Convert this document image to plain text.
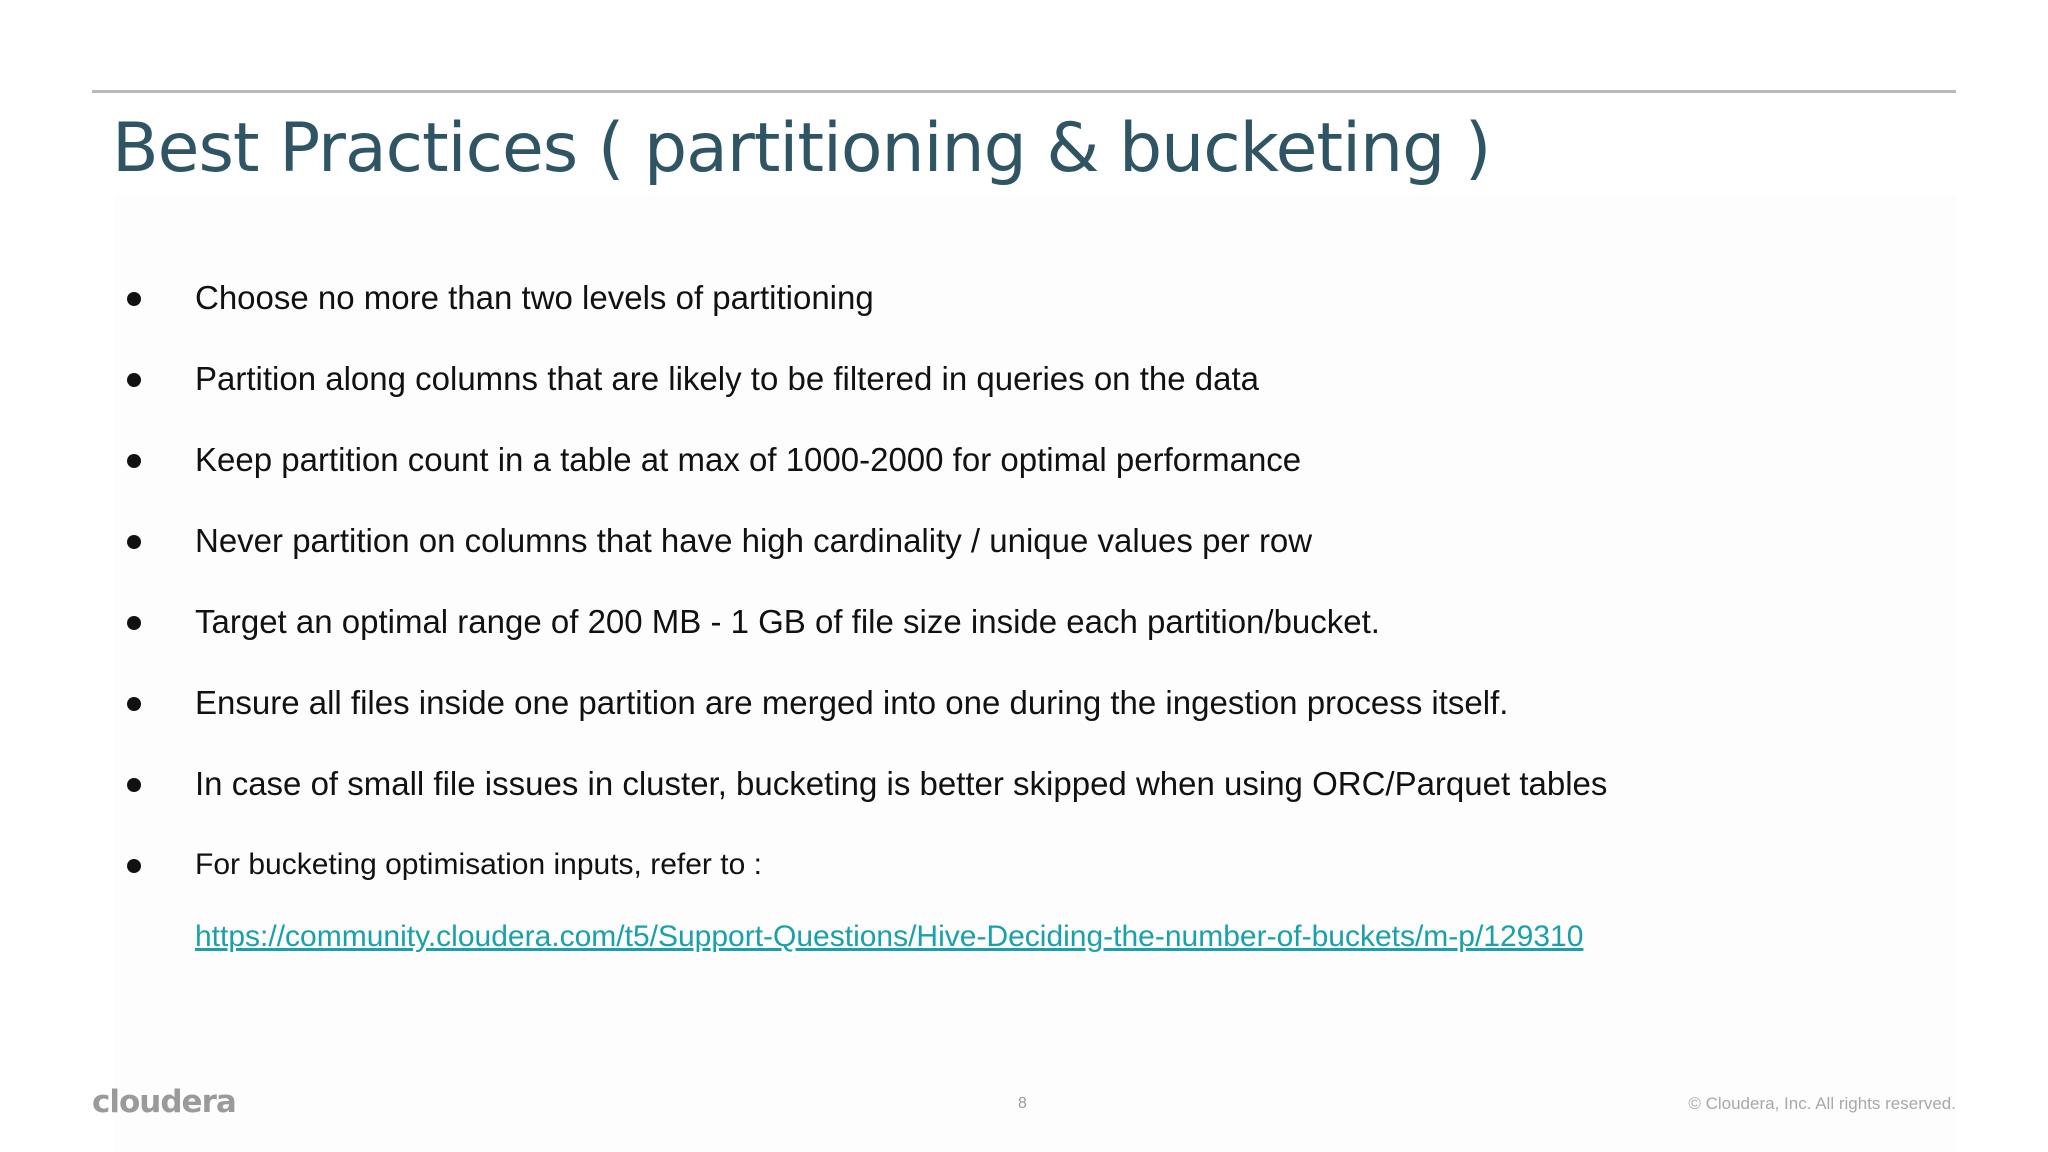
Best Practices ( partitioning & bucketing )
Choose no more than two levels of partitioning
Partition along columns that are likely to be filtered in queries on the data
Keep partition count in a table at max of 1000-2000 for optimal performance
Never partition on columns that have high cardinality / unique values per row
Target an optimal range of 200 MB - 1 GB of file size inside each partition/bucket.
Ensure all files inside one partition are merged into one during the ingestion process itself.
In case of small file issues in cluster, bucketing is better skipped when using ORC/Parquet tables
For bucketing optimisation inputs, refer to :
https://community.cloudera.com/t5/Support-Questions/Hive-Deciding-the-number-of-buckets/m-p/129310
cloudera	8	© Cloudera, Inc. All rights reserved.
